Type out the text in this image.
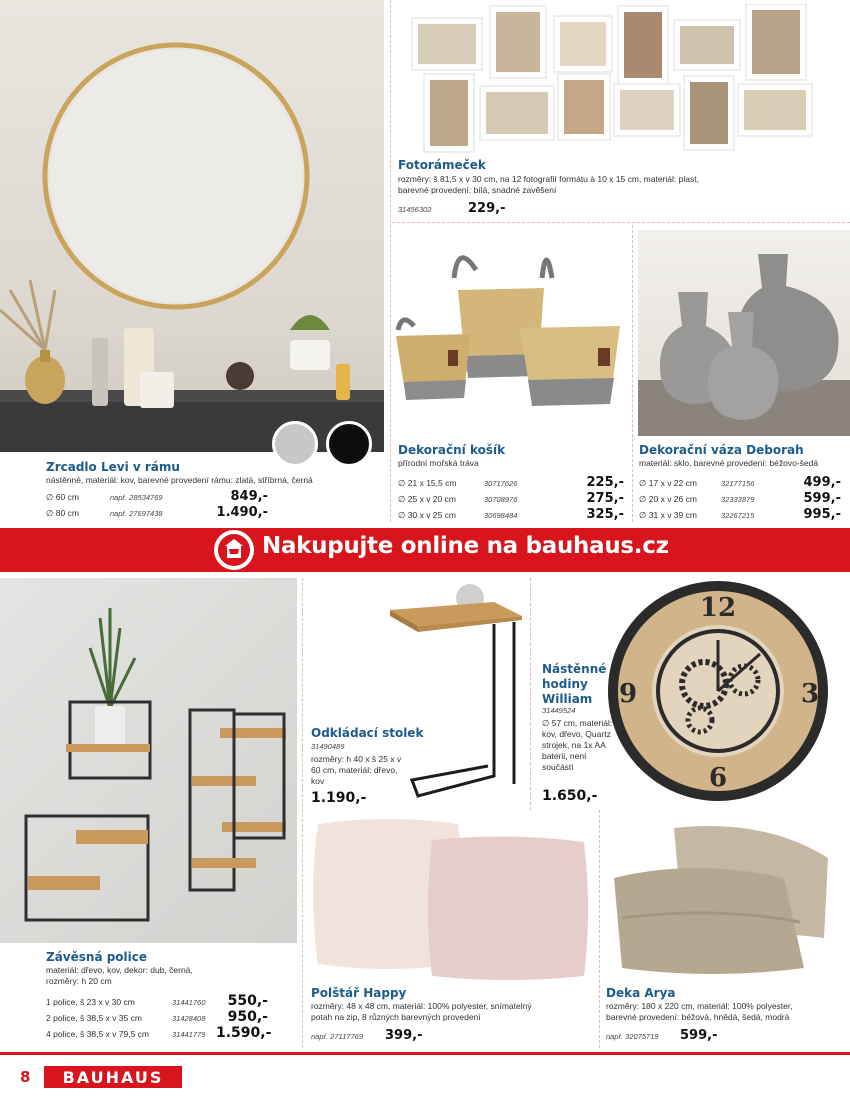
Zrcadlo Levi v rámu
nástěnné, materiál: kov, barevné provedení rámu: zlatá, stříbrná, černá
∅ 60 cm	např. 28534769	849,-
∅ 80 cm	např. 27697438	1.490,-
Fotorámeček
rozměry: š 81,5 x v 30 cm, na 12 fotografií formátu à 10 x 15 cm, materiál: plast, barevné provedení: bílá, snadné zavěšení
31456302	229,-
Dekorační košík
přírodní mořská tráva
∅ 21 x 15,5 cm	30717626	225,-
∅ 25 x v 20 cm	30708976	275,-
∅ 30 x v 25 cm	30698484	325,-
Dekorační váza Deborah
materiál: sklo, barevné provedení: béžovo-šedá
∅ 17 x v 22 cm	32177156	499,-
∅ 20 x v 26 cm	32333879	599,-
∅ 31 x v 39 cm	32267215	995,-
Nakupujte online na bauhaus.cz
Závěsná police
materiál: dřevo, kov, dekor: dub, černá, rozměry: h 20 cm
1 police, š 23 x v 30 cm	31441760	550,-
2 police, š 38,5 x v 35 cm	31428408	950,-
4 police, š 38,5 x v 79,5 cm	31441779 1.590,-
Odkládací stolek
31490489
rozměry: h 40 x š 25 x v 60 cm, materiál: dřevo, kov
1.190,-
Nástěnné hodiny William
31449524
∅ 57 cm, materiál: kov, dřevo, Quartz strojek, na 1x AA baterii, není součástí
1.650,-
12
6
3
9
Polštář Happy
rozměry: 48 x 48 cm, materiál: 100% polyester, snímatelný potah na zip, 8 různých barevných provedení
např. 27117769	399,-
Deka Arya
rozměry: 180 x 220 cm, materiál: 100% polyester, barevné provedení: béžová, hnědá, šedá, modrá
např. 32075719	599,-
8 BAUHAUS
